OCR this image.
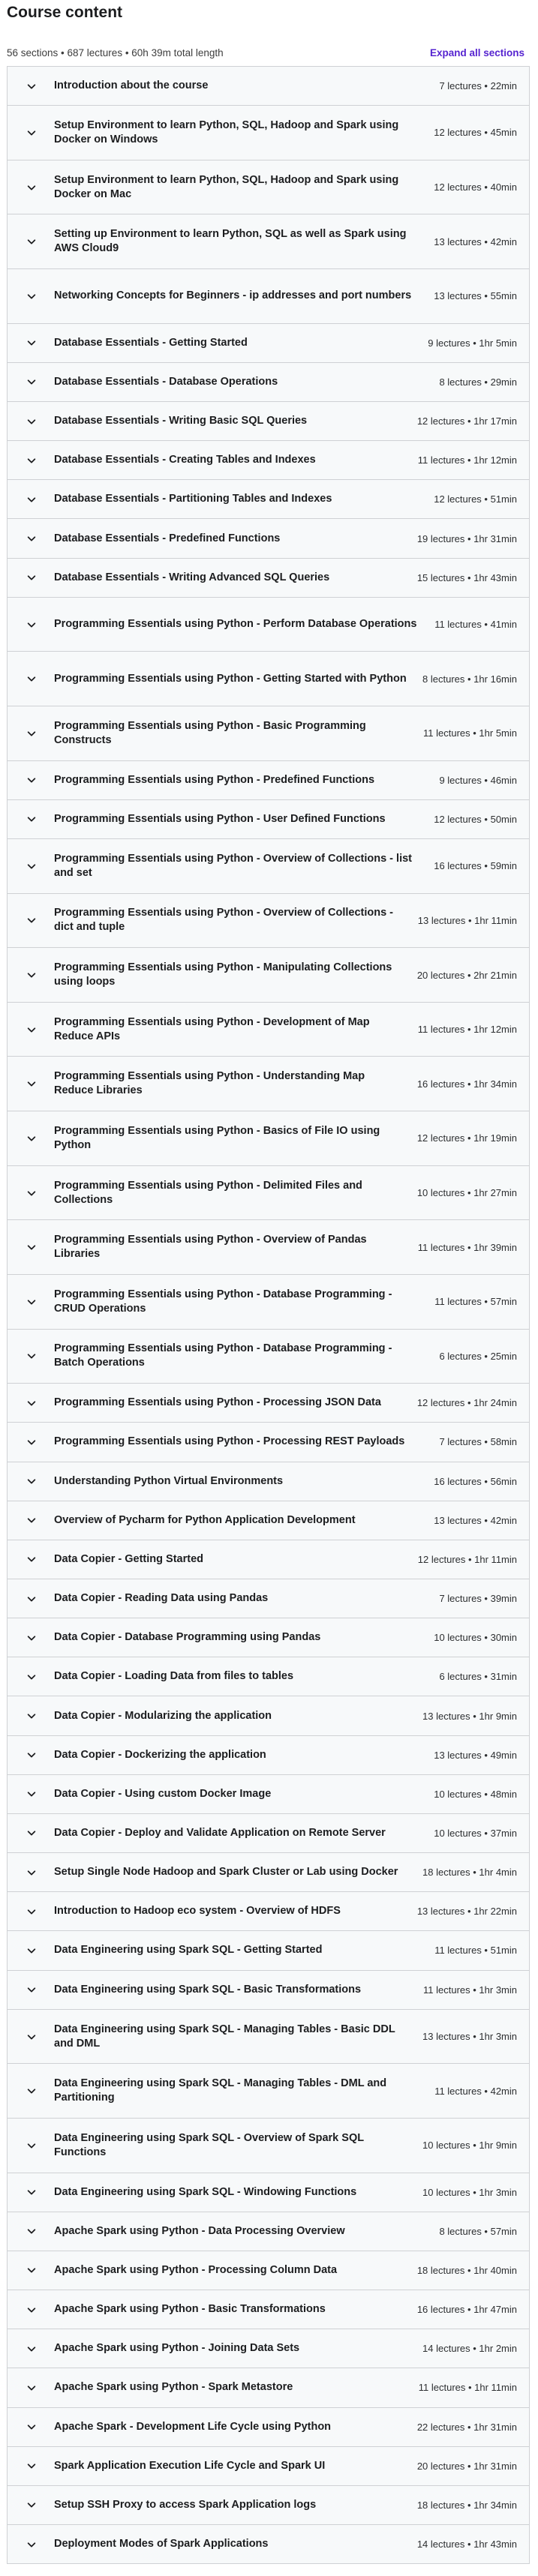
Course content
56 sections • 687 lectures • 60h 39m total length	Expand all sections
Introduction about the course	7 lectures • 22min
Setup Environment to learn Python, SQL, Hadoop and Spark using Docker on Windows
12 lectures • 45min
Setup Environment to learn Python, SQL, Hadoop and Spark using Docker on Mac
12 lectures • 40min
Setting up Environment to learn Python, SQL as well as Spark using AWS Cloud9
13 lectures • 42min
Networking Concepts for Beginners - ip addresses and port numbers	13 lectures • 55min
Database Essentials - Getting Started	9 lectures • 1hr 5min
Database Essentials - Database Operations	8 lectures • 29min
Database Essentials - Writing Basic SQL Queries	12 lectures • 1hr 17min
Database Essentials - Creating Tables and Indexes	11 lectures • 1hr 12min
Database Essentials - Partitioning Tables and Indexes	12 lectures • 51min
Database Essentials - Predefined Functions	19 lectures • 1hr 31min
Database Essentials - Writing Advanced SQL Queries	15 lectures • 1hr 43min
Programming Essentials using Python - Perform Database Operations	11 lectures • 41min
Programming Essentials using Python - Getting Started with Python	8 lectures • 1hr 16min
Programming Essentials using Python - Basic Programming Constructs
11 lectures • 1hr 5min
Programming Essentials using Python - Predefined Functions	9 lectures • 46min
Programming Essentials using Python - User Defined Functions	12 lectures • 50min
Programming Essentials using Python - Overview of Collections - list and set
16 lectures • 59min
Programming Essentials using Python - Overview of Collections - dict and tuple
13 lectures • 1hr 11min
Programming Essentials using Python - Manipulating Collections using loops
20 lectures • 2hr 21min
Programming Essentials using Python - Development of Map Reduce APIs
11 lectures • 1hr 12min
Programming Essentials using Python - Understanding Map Reduce Libraries
16 lectures • 1hr 34min
Programming Essentials using Python - Basics of File IO using Python
12 lectures • 1hr 19min
Programming Essentials using Python - Delimited Files and Collections
10 lectures • 1hr 27min
Programming Essentials using Python - Overview of Pandas Libraries
11 lectures • 1hr 39min
Programming Essentials using Python - Database Programming - CRUD Operations
11 lectures • 57min
Programming Essentials using Python - Database Programming - Batch Operations
6 lectures • 25min
Programming Essentials using Python - Processing JSON Data	12 lectures • 1hr 24min
Programming Essentials using Python - Processing REST Payloads	7 lectures • 58min
Understanding Python Virtual Environments	16 lectures • 56min
Overview of Pycharm for Python Application Development	13 lectures • 42min
Data Copier - Getting Started	12 lectures • 1hr 11min
Data Copier - Reading Data using Pandas	7 lectures • 39min
Data Copier - Database Programming using Pandas	10 lectures • 30min
Data Copier - Loading Data from files to tables	6 lectures • 31min
Data Copier - Modularizing the application	13 lectures • 1hr 9min
Data Copier - Dockerizing the application	13 lectures • 49min
Data Copier - Using custom Docker Image	10 lectures • 48min
Data Copier - Deploy and Validate Application on Remote Server	10 lectures • 37min
Setup Single Node Hadoop and Spark Cluster or Lab using Docker	18 lectures • 1hr 4min
Introduction to Hadoop eco system - Overview of HDFS	13 lectures • 1hr 22min
Data Engineering using Spark SQL - Getting Started	11 lectures • 51min
Data Engineering using Spark SQL - Basic Transformations	11 lectures • 1hr 3min
Data Engineering using Spark SQL - Managing Tables - Basic DDL and DML
13 lectures • 1hr 3min
Data Engineering using Spark SQL - Managing Tables - DML and Partitioning
11 lectures • 42min
Data Engineering using Spark SQL - Overview of Spark SQL Functions
10 lectures • 1hr 9min
Data Engineering using Spark SQL - Windowing Functions	10 lectures • 1hr 3min
Apache Spark using Python - Data Processing Overview	8 lectures • 57min
Apache Spark using Python - Processing Column Data	18 lectures • 1hr 40min
Apache Spark using Python - Basic Transformations	16 lectures • 1hr 47min
Apache Spark using Python - Joining Data Sets	14 lectures • 1hr 2min
Apache Spark using Python - Spark Metastore	11 lectures • 1hr 11min
Apache Spark - Development Life Cycle using Python	22 lectures • 1hr 31min
Spark Application Execution Life Cycle and Spark UI	20 lectures • 1hr 31min
Setup SSH Proxy to access Spark Application logs	18 lectures • 1hr 34min
Deployment Modes of Spark Applications	14 lectures • 1hr 43min
